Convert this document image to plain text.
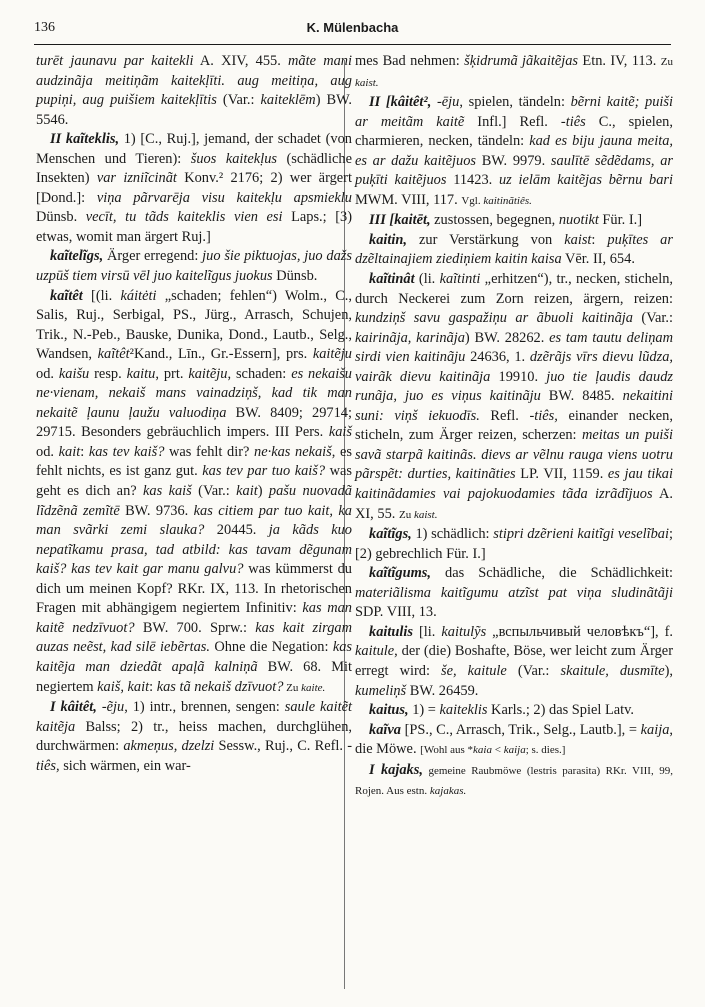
136	K. Mülenbacha

turēt jaunavu par kaitekli A. XIV, 455. mãte mani audzinãja meitiņãm kaitekḷīti. aug meitiņa, aug pupiņi, aug puišiem kaitekḷītis (Var.: kaiteklēm) BW. 5546.

II kaĩteklis, 1) [C., Ruj.], jemand, der schadet (von Menschen und Tieren): šuos kaitekḷus (schädliche Insekten) var izniĩcinãt Konv.² 2176; 2) wer ärgert [Dond.]: viņa pãrvarēja visu kaitekḷu apsmieklu Dünsb. vecīt, tu tãds kaiteklis vien esi Laps.; [3) etwas, womit man ärgert Ruj.]

kaĩtelĩgs, Ärger erregend: juo šie piktuojas, juo dažs uzpūš tiem virsū vēl juo kaitelĩgus juokus Dünsb.

kaĩtêt [(li. káitėti „schaden; fehlen“) Wolm., C., Salis, Ruj., Serbigal, PS., Jürg., Arrasch, Schujen, Trik., N.-Peb., Bauske, Dunika, Dond., Lautb., Selg., Wandsen, kaĩtêt²Kand., Līn., Gr.-Essern], prs. kaitẽju od. kaišu resp. kaitu, prt. kaitẽju, schaden: es nekaišu ne·vienam, nekaiš mans vainadziņš, kad tik man nekaitẽ ļaunu ļaužu valuodiņa BW. 8409; 29714; 29715. Besonders gebräuchlich impers. III Pers. kaiš od. kait: kas tev kaiš? was fehlt dir? ne·kas nekaiš, es fehlt nichts, es ist ganz gut. kas tev par tuo kaiš? was geht es dich an? kas kaiš (Var.: kait) pašu nuovadã lĩdzẽnã zemĩtē BW. 9736. kas citiem par tuo kait, ka man svãrki zemi slauka? 20445. ja kãds kuo nepatĩkamu prasa, tad atbild: kas tavam dẽgunam kaiš? kas tev kait gar manu galvu? was kümmerst du dich um meinen Kopf? RKr. IX, 113. In rhetorischen Fragen mit abhängigem negiertem Infinitiv: kas man kaitẽ nedzīvuot? BW. 700. Sprw.: kas kait zirgam auzas neẽst, kad silē iebẽrtas. Ohne die Negation: kas kaitẽja man dziedãt apaļã kalniņã BW. 68. Mit negiertem kaiš, kait: kas tã nekaiš dzīvuot? Zu kaite.

I kâitêt, -ẽju, 1) intr., brennen, sengen: saule kaitẽt kaitẽja Balss; 2) tr., heiss machen, durchglühen, durchwärmen: akmeņus, dzelzi Sessw., Ruj., C. Refl. -tiês, sich wärmen, ein war-

mes Bad nehmen: šķidrumã jãkaitẽjas Etn. IV, 113. Zu kaist.

II [kâitêt², -ēju, spielen, tändeln: bẽrni kaitẽ; puiši ar meitãm kaitẽ Infl.] Refl. -tiês C., spielen, charmieren, necken, tändeln: kad es biju jauna meita, es ar dažu kaitẽjuos BW. 9979. saulītē sẽdẽdams, ar puķīti kaitẽjuos 11423. uz ielām kaitẽjas bẽrnu bari MWM. VIII, 117. Vgl. kaitinãtiês.

III [kaitēt, zustossen, begegnen, nuotikt Für. I.]

kaitin, zur Verstärkung von kaist: puķītes ar dzẽltainajiem ziediņiem kaitin kaisa Vēr. II, 654.

kaĩtinât (li. kaĩtinti „erhitzen“), tr., necken, sticheln, durch Neckerei zum Zorn reizen, ärgern, reizen: kundziņš savu gaspažiņu ar ãbuoli kaitinãja (Var.: kairinãja, karinãja) BW. 28262. es tam tautu deliņam sirdi vien kaitinãju 24636, 1. dzẽrãjs vīrs dievu lũdza, vairãk dievu kaitinãja 19910. juo tie ļaudis daudz runãja, juo es viņus kaitinãju BW. 8485. nekaitini suni: viņš iekuodīs. Refl. -tiês, einander necken, sticheln, zum Ärger reizen, scherzen: meitas un puiši savã starpã kaitinãs. dievs ar vẽlnu rauga viens uotru pãrspẽt: durties, kaitinãties LP. VII, 1159. es jau tikai kaitinãdamies vai pajokuodamies tãda izrãdĩjuos A. XI, 55. Zu kaist.

kaĩtĩgs, 1) schädlich: stipri dzẽrieni kaitĩgi veselĩbai; [2) gebrechlich Für. I.]

kaĩtĩgums, das Schädliche, die Schädlichkeit: materiãlisma kaitĩgumu atzĩst pat viņa sludinãtãji SDP. VIII, 13.

kaitulis [li. kaitulỹs „вспыльчивый человѣкъ“], f. kaitule, der (die) Boshafte, Böse, wer leicht zum Ärger erregt wird: še, kaitule (Var.: skaitule, dusmīte), kumeliņš BW. 26459.

kaitus, 1) = kaiteklis Karls.; 2) das Spiel Latv.

kaĩva [PS., C., Arrasch, Trik., Selg., Lautb.], = kaija, die Möwe. [Wohl aus *kaia < kaija; s. dies.]

I kajaks, gemeine Raubmöwe (lestris parasita) RKr. VIII, 99, Rojen. Aus estn. kajakas.
